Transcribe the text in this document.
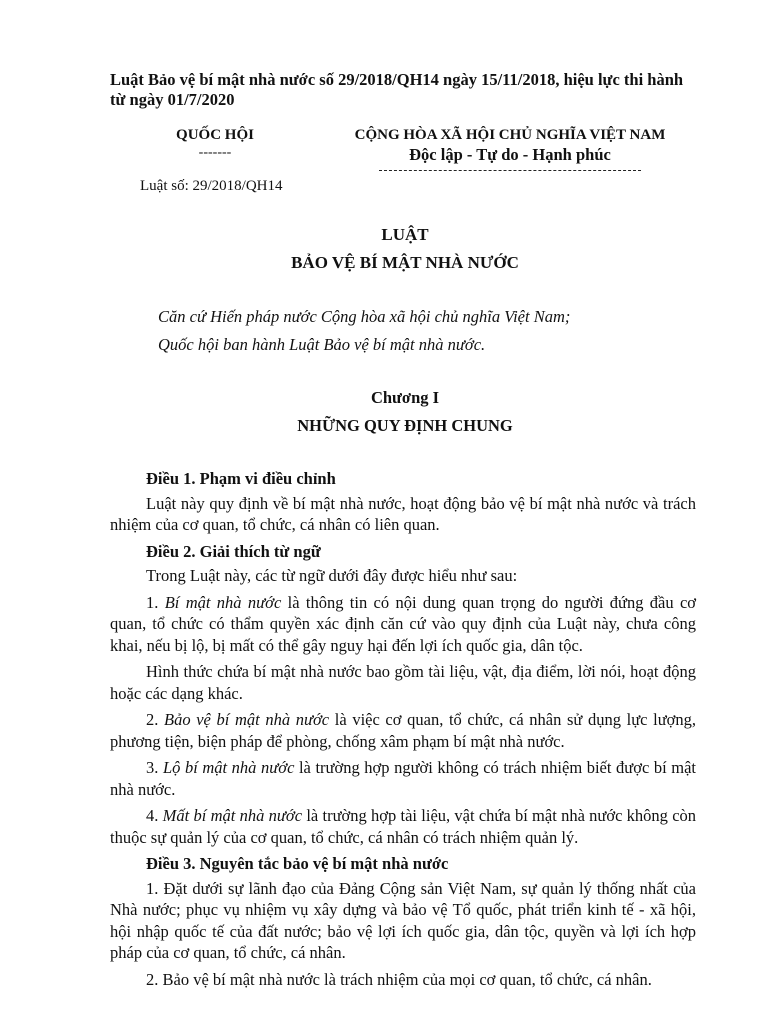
Luật Bảo vệ bí mật nhà nước số 29/2018/QH14 ngày 15/11/2018, hiệu lực thi hành từ ngày 01/7/2020
QUỐC HỘI
-------
CỘNG HÒA XÃ HỘI CHỦ NGHĨA VIỆT NAM
Độc lập - Tự do - Hạnh phúc
Luật số: 29/2018/QH14
LUẬT
BẢO VỆ BÍ MẬT NHÀ NƯỚC
Căn cứ Hiến pháp nước Cộng hòa xã hội chủ nghĩa Việt Nam;
Quốc hội ban hành Luật Bảo vệ bí mật nhà nước.
Chương I
NHỮNG QUY ĐỊNH CHUNG

Điều 1. Phạm vi điều chỉnh

Luật này quy định về bí mật nhà nước, hoạt động bảo vệ bí mật nhà nước và trách nhiệm của cơ quan, tổ chức, cá nhân có liên quan.

Điều 2. Giải thích từ ngữ

Trong Luật này, các từ ngữ dưới đây được hiểu như sau:

1. Bí mật nhà nước là thông tin có nội dung quan trọng do người đứng đầu cơ quan, tổ chức có thẩm quyền xác định căn cứ vào quy định của Luật này, chưa công khai, nếu bị lộ, bị mất có thể gây nguy hại đến lợi ích quốc gia, dân tộc.

Hình thức chứa bí mật nhà nước bao gồm tài liệu, vật, địa điểm, lời nói, hoạt động hoặc các dạng khác.

2. Bảo vệ bí mật nhà nước là việc cơ quan, tổ chức, cá nhân sử dụng lực lượng, phương tiện, biện pháp để phòng, chống xâm phạm bí mật nhà nước.

3. Lộ bí mật nhà nước là trường hợp người không có trách nhiệm biết được bí mật nhà nước.

4. Mất bí mật nhà nước là trường hợp tài liệu, vật chứa bí mật nhà nước không còn thuộc sự quản lý của cơ quan, tổ chức, cá nhân có trách nhiệm quản lý.

Điều 3. Nguyên tắc bảo vệ bí mật nhà nước

1. Đặt dưới sự lãnh đạo của Đảng Cộng sản Việt Nam, sự quản lý thống nhất của Nhà nước; phục vụ nhiệm vụ xây dựng và bảo vệ Tổ quốc, phát triển kinh tế - xã hội, hội nhập quốc tế của đất nước; bảo vệ lợi ích quốc gia, dân tộc, quyền và lợi ích hợp pháp của cơ quan, tổ chức, cá nhân.

2. Bảo vệ bí mật nhà nước là trách nhiệm của mọi cơ quan, tổ chức, cá nhân.
